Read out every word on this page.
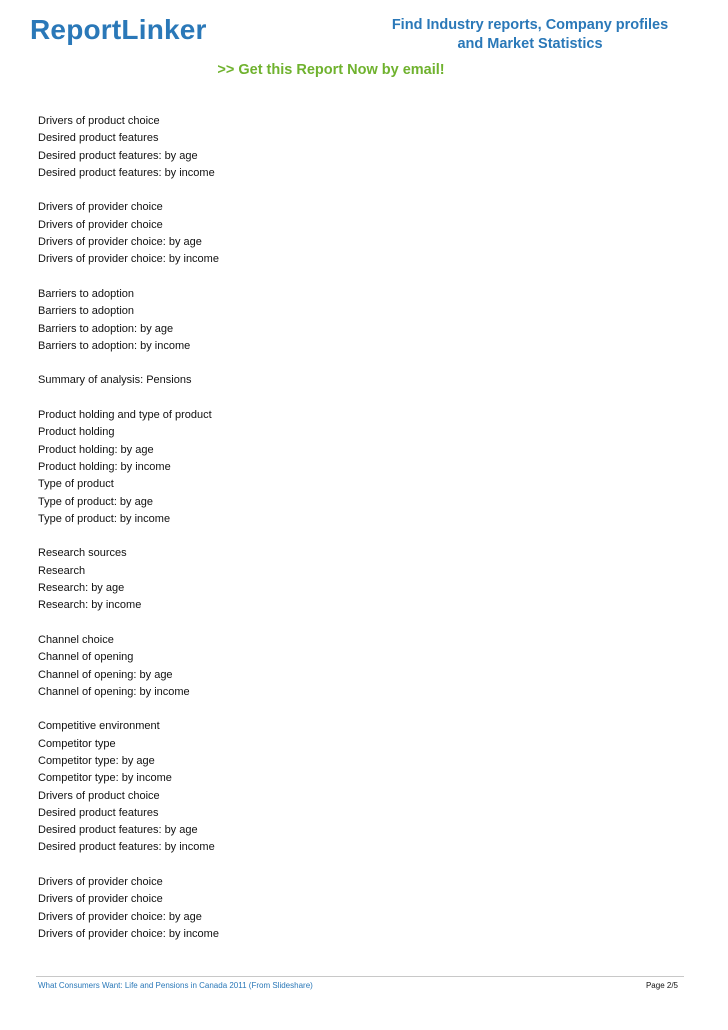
ReportLinker	Find Industry reports, Company profiles
and Market Statistics
>> Get this Report Now by email!
Drivers of product choice
Desired product features
Desired product features: by age
Desired product features: by income
Drivers of provider choice
Drivers of provider choice
Drivers of provider choice: by age
Drivers of provider choice: by income
Barriers to adoption
Barriers to adoption
Barriers to adoption: by age
Barriers to adoption: by income
Summary of analysis: Pensions
Product holding and type of product
Product holding
Product holding: by age
Product holding: by income
Type of product
Type of product: by age
Type of product: by income
Research sources
Research
Research: by age
Research: by income
Channel choice
Channel of opening
Channel of opening: by age
Channel of opening: by income
Competitive environment
Competitor type
Competitor type: by age
Competitor type: by income
Drivers of product choice
Desired product features
Desired product features: by age
Desired product features: by income
Drivers of provider choice
Drivers of provider choice
Drivers of provider choice: by age
Drivers of provider choice: by income
What Consumers Want: Life and Pensions in Canada 2011 (From Slideshare)	Page 2/5
